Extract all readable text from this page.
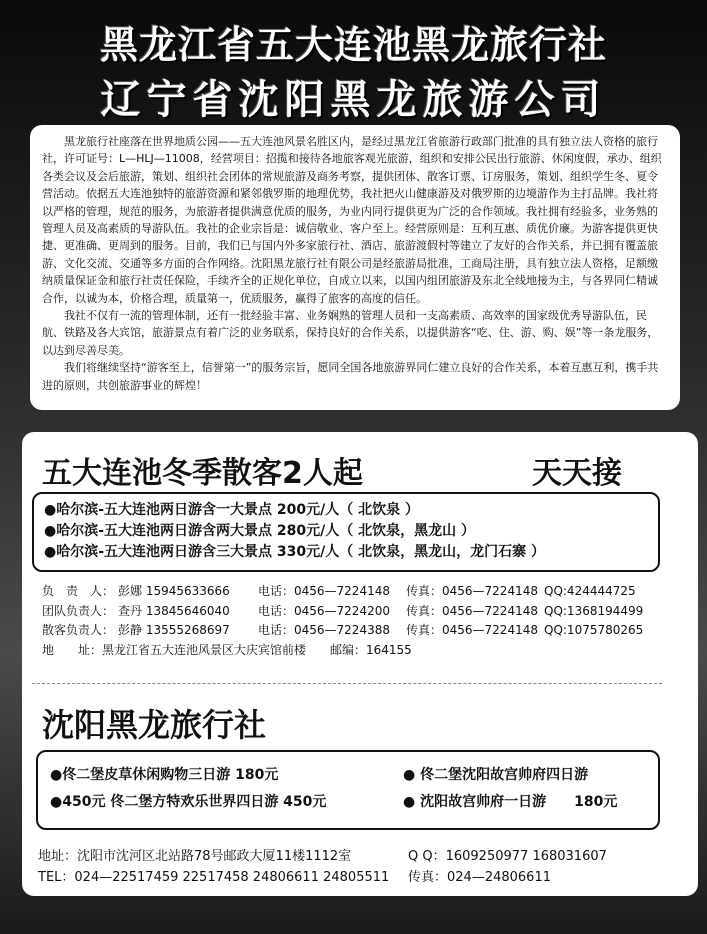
黑龙江省五大连池黑龙旅行社
辽宁省沈阳黑龙旅游公司

黑龙旅行社座落在世界地质公园——五大连池风景名胜区内，是经过黑龙江省旅游行政部门批准的具有独立法人资格的旅行社，许可证号：L—HLJ—11008，经营项目：招揽和接待各地旅客观光旅游，组织和安排公民出行旅游、休闲度假，承办、组织各类会议及会后旅游，策划、组织社会团体的常规旅游及商务考察，提供团体、散客订票、订房服务，策划、组织学生冬、夏令营活动。依据五大连池独特的旅游资源和紧邻俄罗斯的地理优势，我社把火山健康游及对俄罗斯的边境游作为主打品牌。我社将以严格的管理，规范的服务，为旅游者提供满意优质的服务，为业内同行提供更为广泛的合作领域。我社拥有经验多，业务熟的管理人员及高素质的导游队伍。我社的企业宗旨是：诚信敬业、客户至上。经营原则是：互利互惠、质优价廉。为游客提供更快捷、更准确、更周到的服务。目前，我们已与国内外多家旅行社、酒店、旅游渡假村等建立了友好的合作关系，并已拥有覆盖旅游、文化交流、交通等多方面的合作网络。沈阳黑龙旅行社有限公司是经旅游局批准，工商局注册，具有独立法人资格，足额缴纳质量保证金和旅行社责任保险，手续齐全的正规化单位，自成立以来，以国内组团旅游及东北全线地接为主，与各界同仁精诚合作，以诚为本，价格合理，质量第一，优质服务，赢得了旅客的高度的信任。

我社不仅有一流的管理体制，还有一批经验丰富、业务娴熟的管理人员和一支高素质、高效率的国家级优秀导游队伍，民航、铁路及各大宾馆，旅游景点有着广泛的业务联系，保持良好的合作关系，以提供游客“吃、住、游、购、娱”等一条龙服务，以达到尽善尽美。

我们将继续坚持“游客至上，信誉第一”的服务宗旨，愿同全国各地旅游界同仁建立良好的合作关系，本着互惠互利，携手共进的原则，共创旅游事业的辉煌！

五大连池冬季散客2人起	天天接
●哈尔滨-五大连池两日游含一大景点 200元/人（ 北饮泉 ）
●哈尔滨-五大连池两日游含两大景点 280元/人（ 北饮泉，黑龙山 ）
●哈尔滨-五大连池两日游含三大景点 330元/人（ 北饮泉，黑龙山，龙门石寨 ）
负　责　人： 彭娜 15945633666 电话：0456—7224148 传真：0456—7224148 QQ:424444725
团队负责人： 查丹 13845646040 电话：0456—7224200 传真：0456—7224148 QQ:1368194499
散客负责人： 彭静 13555268697 电话：0456—7224388 传真：0456—7224148 QQ:1075780265
地　　址：黑龙江省五大连池风景区大庆宾馆前楼　　邮编：164155
沈阳黑龙旅行社
●佟二堡皮草休闲购物三日游 180元	● 佟二堡沈阳故宫帅府四日游
●450元 佟二堡方特欢乐世界四日游 450元	● 沈阳故宫帅府一日游　　180元
地址：沈阳市沈河区北站路78号邮政大厦11楼1112室	Q Q：1609250977 168031607
TEL：024—22517459 22517458 24806611 24805511 传真：024—24806611
